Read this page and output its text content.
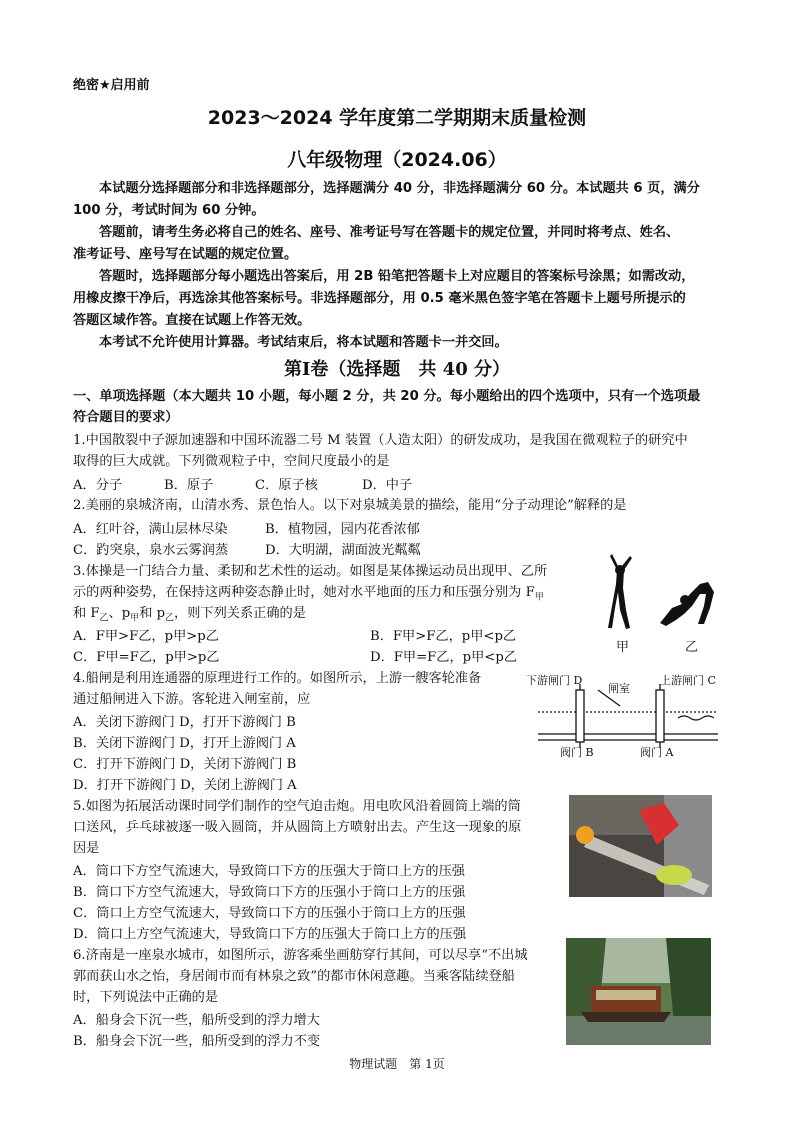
绝密★启用前
2023～2024 学年度第二学期期末质量检测
八年级物理（2024.06）

本试题分选择题部分和非选择题部分，选择题满分 40 分，非选择题满分 60 分。本试题共 6 页，满分

100 分，考试时间为 60 分钟。

答题前，请考生务必将自己的姓名、座号、准考证号写在答题卡的规定位置，并同时将考点、姓名、

准考证号、座号写在试题的规定位置。

答题时，选择题部分每小题选出答案后，用 2B 铅笔把答题卡上对应题目的答案标号涂黑；如需改动，

用橡皮擦干净后，再选涂其他答案标号。非选择题部分，用 0.5 毫米黑色签字笔在答题卡上题号所提示的

答题区域作答。直接在试题上作答无效。

本考试不允许使用计算器。考试结束后，将本试题和答题卡一并交回。

第Ⅰ卷（选择题　共 40 分）
一、单项选择题（本大题共 10 小题，每小题 2 分，共 20 分。每小题给出的四个选项中，只有一个选项最
符合题目的要求）
1.中国散裂中子源加速器和中国环流器二号 M 装置（人造太阳）的研发成功，是我国在微观粒子的研究中
取得的巨大成就。下列微观粒子中，空间尺度最小的是
A．分子	B．原子	C．原子核	D．中子
2.美丽的泉城济南，山清水秀、景色怡人。以下对泉城美景的描绘，能用“分子动理论”解释的是
A．红叶谷，满山层林尽染	B．植物园，园内花香浓郁
C．趵突泉，泉水云雾润蒸	D．大明湖，湖面波光粼粼
3.体操是一门结合力量、柔韧和艺术性的运动。如图是某体操运动员出现甲、乙所
示的两种姿势，在保持这两种姿态静止时，她对水平地面的压力和压强分别为 $F_甲$
和 $F_乙$、$p_甲$和 $p_乙$，则下列关系正确的是
A．F甲>F乙，p甲>p乙	B．F甲>F乙，p甲<p乙
C．F甲=F乙，p甲>p乙	D．F甲=F乙，p甲<p乙
甲	乙
4.船闸是利用连通器的原理进行工作的。如图所示，上游一艘客轮准备
通过船闸进入下游。客轮进入闸室前，应
A．关闭下游阀门 D，打开下游阀门 B
B．关闭下游阀门 D，打开上游阀门 A
C．打开下游阀门 D，关闭下游阀门 B
D．打开下游阀门 D，关闭上游阀门 A
下游闸门 D
闸室
上游闸门 C
阀门 B	阀门 A
5.如图为拓展活动课时同学们制作的空气迫击炮。用电吹风沿着圆筒上端的筒
口送风，乒乓球被逐一吸入圆筒，并从圆筒上方喷射出去。产生这一现象的原
因是
A．筒口下方空气流速大，导致筒口下方的压强大于筒口上方的压强
B．筒口下方空气流速大，导致筒口下方的压强小于筒口上方的压强
C．筒口上方空气流速大，导致筒口下方的压强小于筒口上方的压强
D．筒口上方空气流速大，导致筒口下方的压强大于筒口上方的压强
6.济南是一座泉水城市，如图所示，游客乘坐画舫穿行其间，可以尽享“不出城
郭而获山水之怡，身居闹市而有林泉之致”的都市休闲意趣。当乘客陆续登船
时，下列说法中正确的是
A．船身会下沉一些，船所受到的浮力增大
B．船身会下沉一些，船所受到的浮力不变
物理试题　第 1页
